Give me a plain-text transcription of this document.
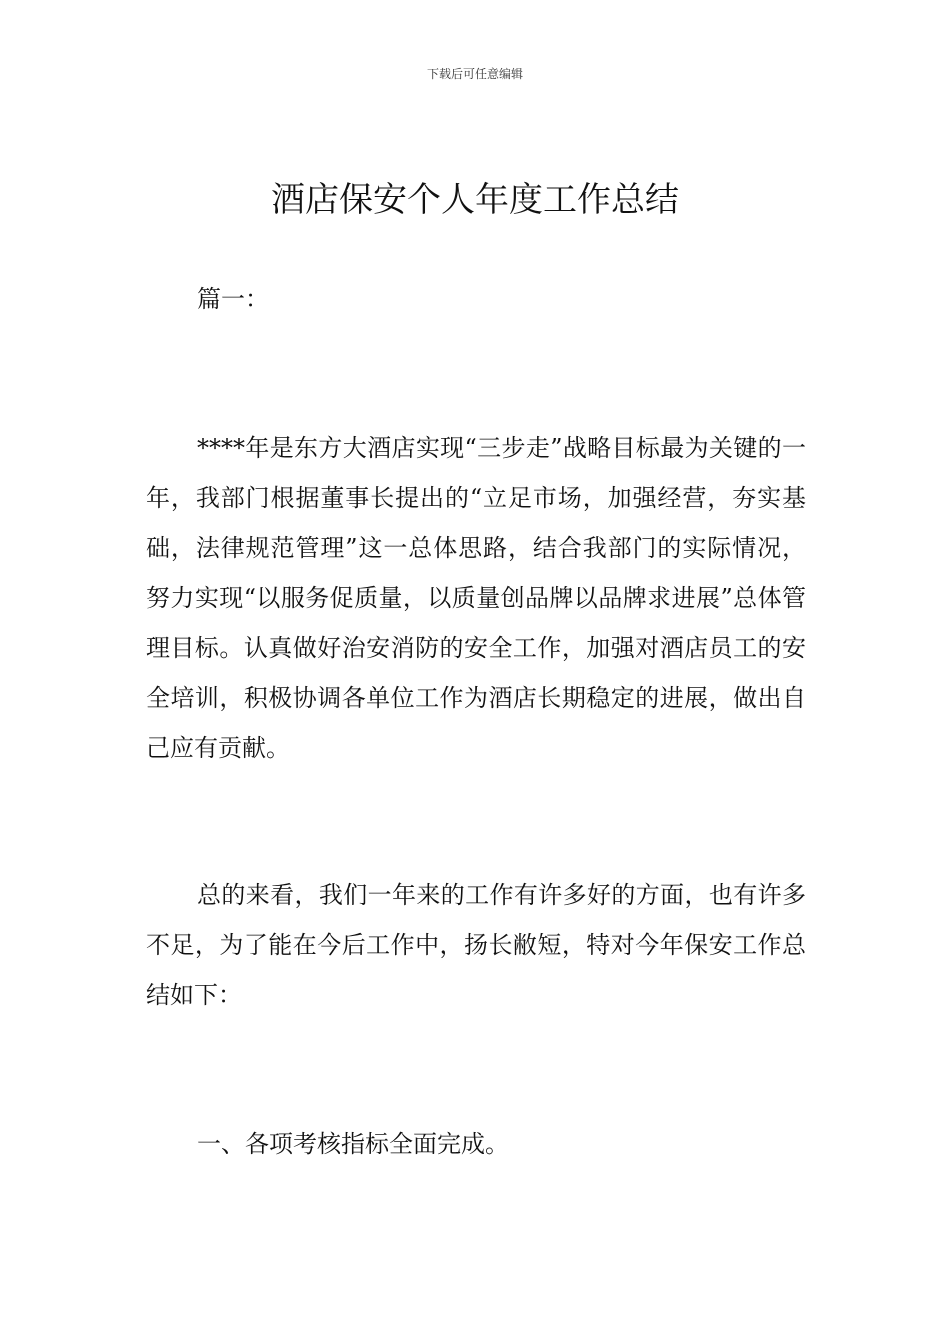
下载后可任意编辑
酒店保安个人年度工作总结

篇一：

****年是东方大酒店实现“三步走”战略目标最为关键的一年，我部门根据董事长提出的“立足市场，加强经营，夯实基础，法律规范管理”这一总体思路，结合我部门的实际情况，努力实现“以服务促质量，以质量创品牌以品牌求进展”总体管理目标。认真做好治安消防的安全工作，加强对酒店员工的安全培训，积极协调各单位工作为酒店长期稳定的进展，做出自己应有贡献。

总的来看，我们一年来的工作有许多好的方面，也有许多不足，为了能在今后工作中，扬长敝短，特对今年保安工作总结如下：

一、各项考核指标全面完成。
